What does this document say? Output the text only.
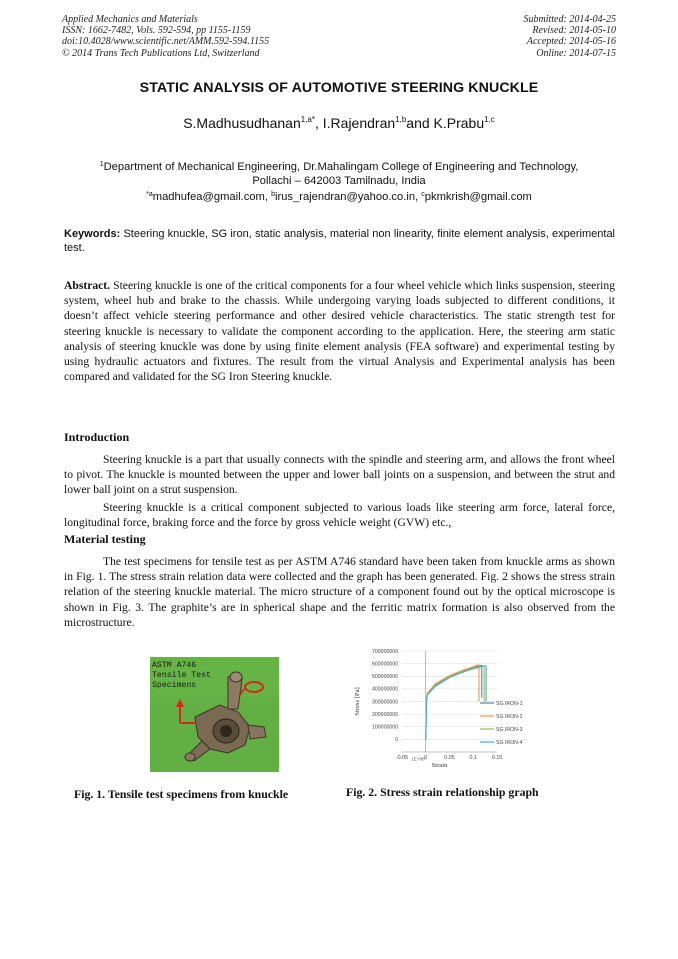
Applied Mechanics and Materials
ISSN: 1662-7482, Vols. 592-594, pp 1155-1159
doi:10.4028/www.scientific.net/AMM.592-594.1155
© 2014 Trans Tech Publications Ltd, Switzerland
Submitted: 2014-04-25
Revised: 2014-05-10
Accepted: 2014-05-16
Online: 2014-07-15
STATIC ANALYSIS OF AUTOMOTIVE STEERING KNUCKLE
S.Madhusudhanan$^{1,a*}$, I.Rajendran$^{1,b}$and K.Prabu$^{1,c}$
$^1$Department of Mechanical Engineering, Dr.Mahalingam College of Engineering and Technology,
Pollachi – 642003 Tamilnadu, India
$^{*a}$madhufea@gmail.com, $^b$irus_rajendran@yahoo.co.in, $^c$pkmkrish@gmail.com
Keywords: Steering knuckle, SG iron, static analysis, material non linearity, finite element analysis, experimental test.
Abstract. Steering knuckle is one of the critical components for a four wheel vehicle which links suspension, steering system, wheel hub and brake to the chassis. While undergoing varying loads subjected to different conditions, it doesn’t affect vehicle steering performance and other desired vehicle characteristics. The static strength test for steering knuckle is necessary to validate the component according to the application. Here, the steering arm static analysis of steering knuckle was done by using finite element analysis (FEA software) and experimental testing by using hydraulic actuators and fixtures. The result from the virtual Analysis and Experimental analysis has been compared and validated for the SG Iron Steering knuckle.
Introduction
Steering knuckle is a part that usually connects with the spindle and steering arm, and allows the front wheel to pivot. The knuckle is mounted between the upper and lower ball joints on a suspension, and between the strut and lower ball joint on a strut suspension.
Steering knuckle is a critical component subjected to various loads like steering arm force, lateral force, longitudinal force, braking force and the force by gross vehicle weight (GVW) etc.,
Material testing
The test specimens for tensile test as per ASTM A746 standard have been taken from knuckle arms as shown in Fig. 1. The stress strain relation data were collected and the graph has been generated. Fig. 2 shows the stress strain relation of the steering knuckle material. The micro structure of a component found out by the optical microscope is shown in Fig. 3. The graphite’s are in spherical shape and the ferritic matrix formation is also observed from the microstructure.
ASTM A746
Tensile Test
Specimens
Fig. 1. Tensile test specimens from knuckle
0
100000000
200000000
300000000
400000000
500000000
600000000
700000000
-0.05	0	0.05	0.1	0.15
1E+08
Strain
Stress [Pa]	SG IRON-1
SG IRON-2
SG IRON-3
SG IRON-4
Fig. 2. Stress strain relationship graph
